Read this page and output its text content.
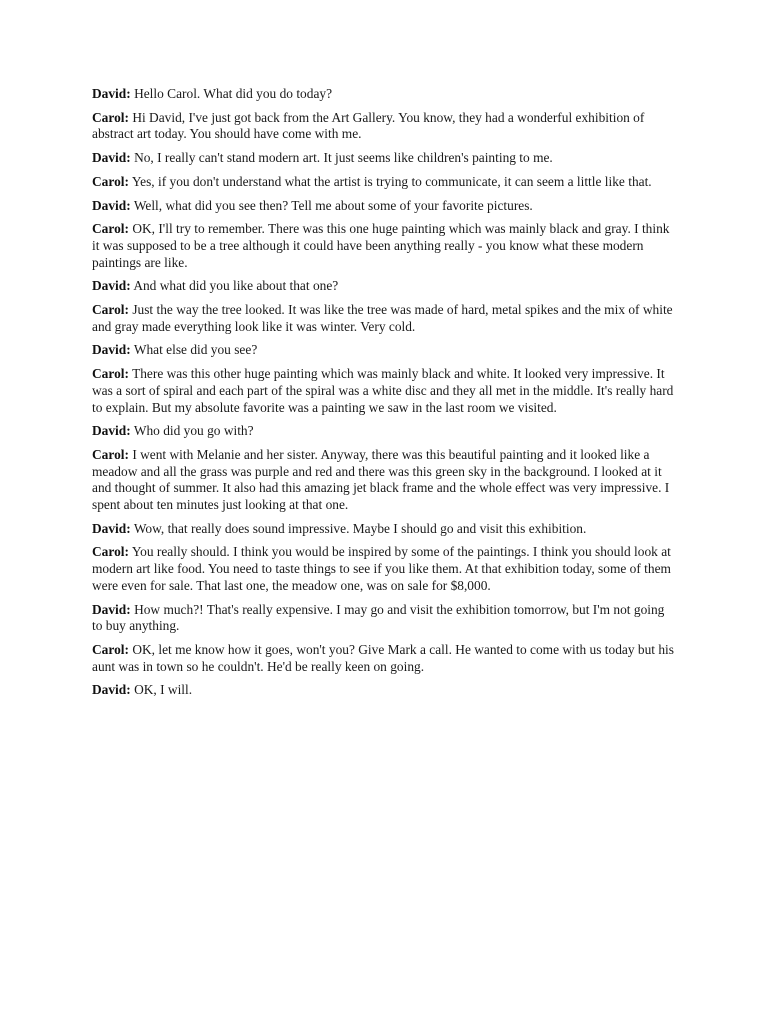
David: Hello Carol. What did you do today?

Carol: Hi David, I've just got back from the Art Gallery. You know, they had a wonderful exhibition of abstract art today. You should have come with me.

David: No, I really can't stand modern art. It just seems like children's painting to me.

Carol: Yes, if you don't understand what the artist is trying to communicate, it can seem a little like that.

David: Well, what did you see then? Tell me about some of your favorite pictures.

Carol: OK, I'll try to remember. There was this one huge painting which was mainly black and gray. I think it was supposed to be a tree although it could have been anything really - you know what these modern paintings are like.

David: And what did you like about that one?

Carol: Just the way the tree looked. It was like the tree was made of hard, metal spikes and the mix of white and gray made everything look like it was winter. Very cold.

David: What else did you see?

Carol: There was this other huge painting which was mainly black and white. It looked very impressive. It was a sort of spiral and each part of the spiral was a white disc and they all met in the middle. It's really hard to explain. But my absolute favorite was a painting we saw in the last room we visited.

David: Who did you go with?

Carol: I went with Melanie and her sister. Anyway, there was this beautiful painting and it looked like a meadow and all the grass was purple and red and there was this green sky in the background. I looked at it and thought of summer. It also had this amazing jet black frame and the whole effect was very impressive. I spent about ten minutes just looking at that one.

David: Wow, that really does sound impressive. Maybe I should go and visit this exhibition.

Carol: You really should. I think you would be inspired by some of the paintings. I think you should look at modern art like food. You need to taste things to see if you like them. At that exhibition today, some of them were even for sale. That last one, the meadow one, was on sale for $8,000.

David: How much?! That's really expensive. I may go and visit the exhibition tomorrow, but I'm not going to buy anything.

Carol: OK, let me know how it goes, won't you? Give Mark a call. He wanted to come with us today but his aunt was in town so he couldn't. He'd be really keen on going.

David: OK, I will.
